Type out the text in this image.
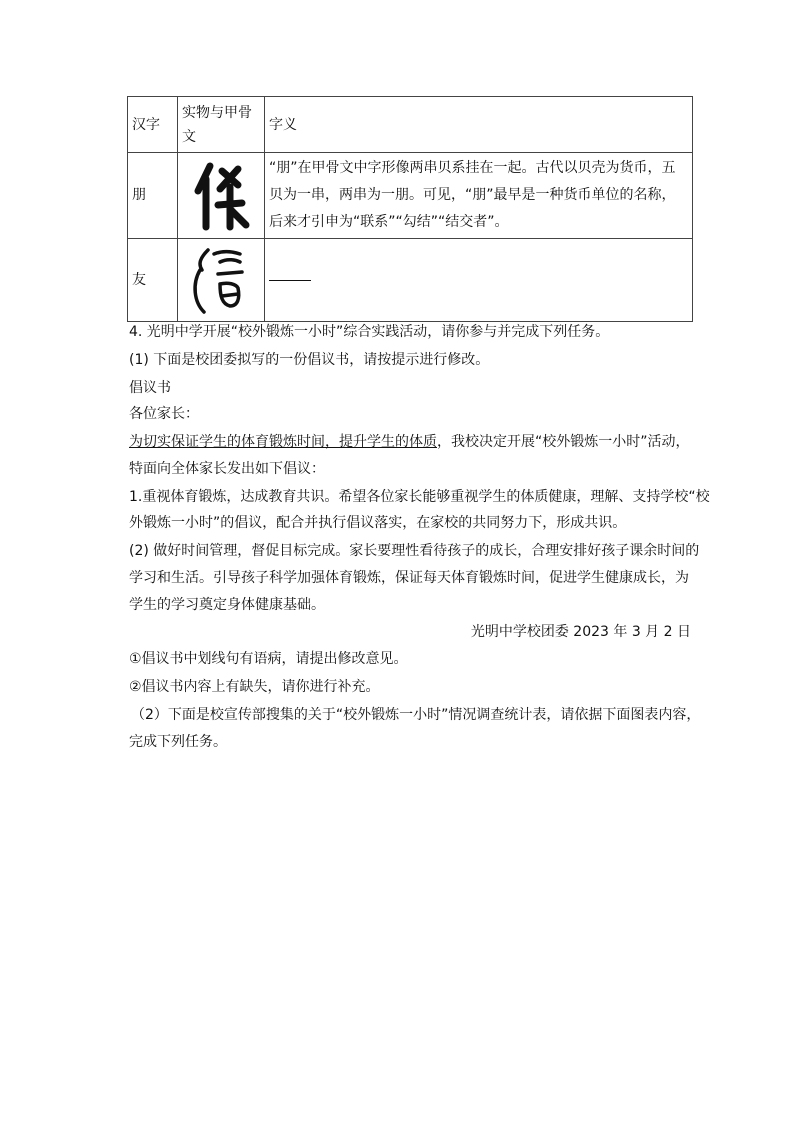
汉字	实物与甲骨文	字义
朋		“朋”在甲骨文中字形像两串贝系挂在一起。古代以贝壳为货币，五贝为一串，两串为一朋。可见，“朋”最早是一种货币单位的名称，后来才引申为“联系”“勾结”“结交者”。
友	

4. 光明中学开展“校外锻炼一小时”综合实践活动，请你参与并完成下列任务。
(1) 下面是校团委拟写的一份倡议书，请按提示进行修改。
倡议书
各位家长：
为切实保证学生的体育锻炼时间，提升学生的体质，我校决定开展“校外锻炼一小时”活动，
特面向全体家长发出如下倡议：
1.重视体育锻炼，达成教育共识。希望各位家长能够重视学生的体质健康，理解、支持学校“校
外锻炼一小时”的倡议，配合并执行倡议落实，在家校的共同努力下，形成共识。
(2) 做好时间管理，督促目标完成。家长要理性看待孩子的成长，合理安排好孩子课余时间的
学习和生活。引导孩子科学加强体育锻炼，保证每天体育锻炼时间，促进学生健康成长，为
学生的学习奠定身体健康基础。
光明中学校团委 2023 年 3 月 2 日
①倡议书中划线句有语病，请提出修改意见。
②倡议书内容上有缺失，请你进行补充。
（2）下面是校宣传部搜集的关于“校外锻炼一小时”情况调查统计表，请依据下面图表内容，
完成下列任务。
